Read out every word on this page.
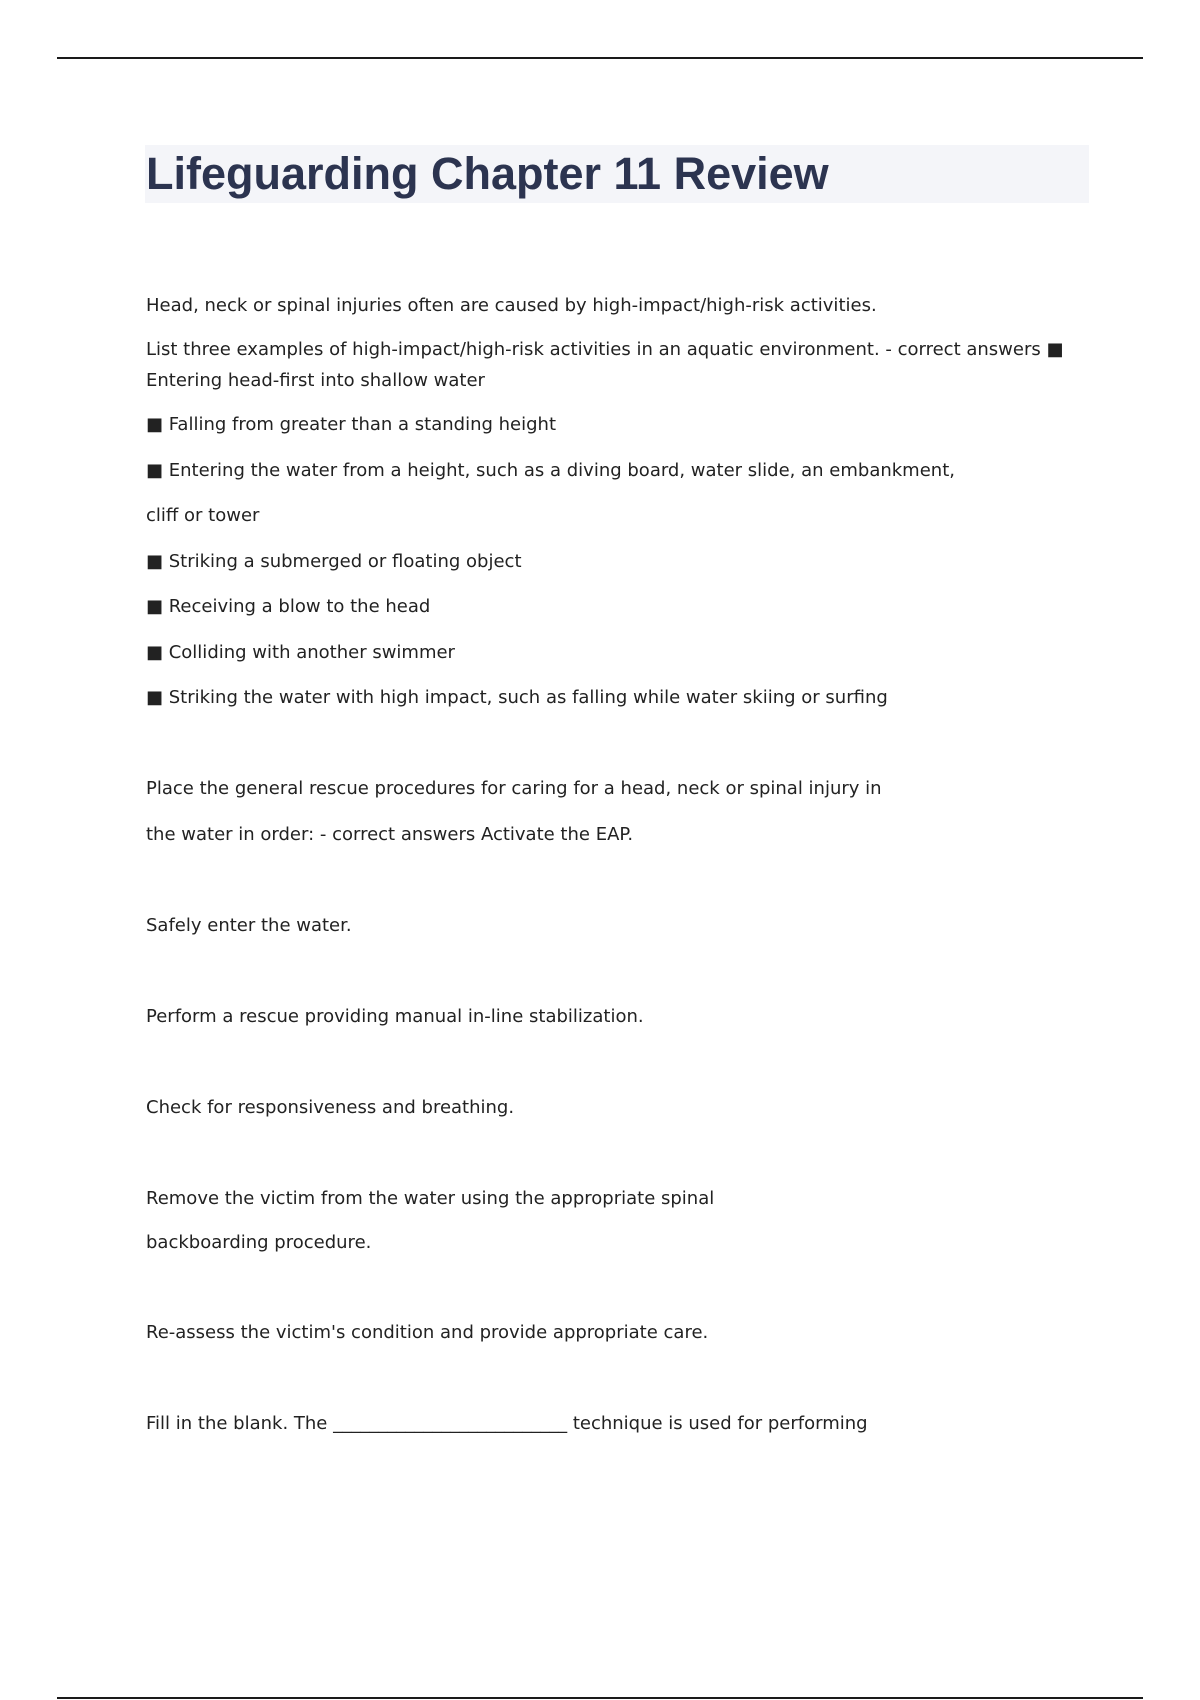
Lifeguarding Chapter 11 Review

Head, neck or spinal injuries often are caused by high-impact/high-risk activities.

List three examples of high-impact/high-risk activities in an aquatic environment. - correct answers ■

Entering head-first into shallow water

■ Falling from greater than a standing height

■ Entering the water from a height, such as a diving board, water slide, an embankment,

cliff or tower

■ Striking a submerged or floating object

■ Receiving a blow to the head

■ Colliding with another swimmer

■ Striking the water with high impact, such as falling while water skiing or surfing

Place the general rescue procedures for caring for a head, neck or spinal injury in

the water in order: - correct answers Activate the EAP.

Safely enter the water.

Perform a rescue providing manual in-line stabilization.

Check for responsiveness and breathing.

Remove the victim from the water using the appropriate spinal

backboarding procedure.

Re-assess the victim's condition and provide appropriate care.

Fill in the blank. The __________________________ technique is used for performing
